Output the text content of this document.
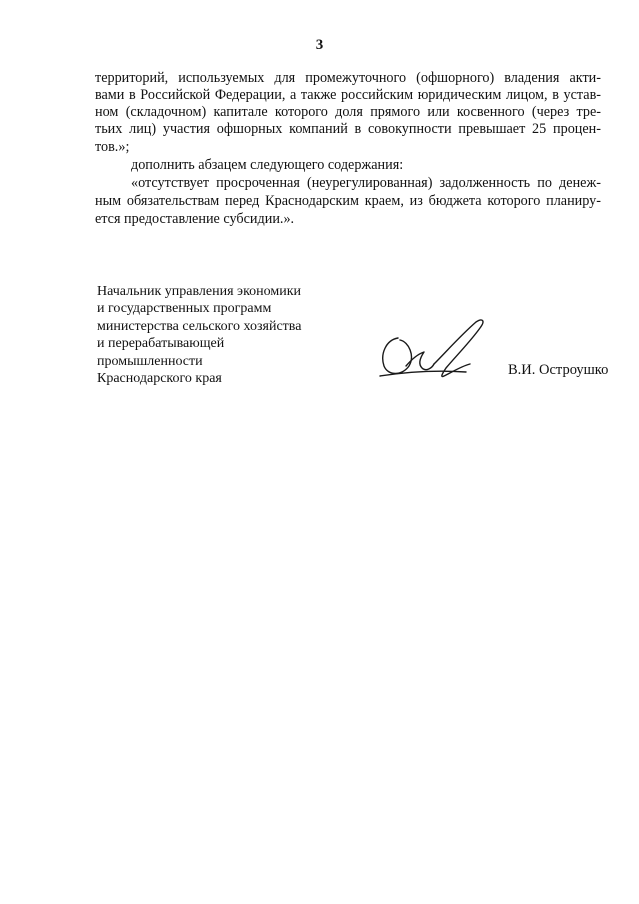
3
территорий, используемых для промежуточного (офшорного) владения акти-
вами в Российской Федерации, а также российским юридическим лицом, в устав-
ном (складочном) капитале которого доля прямого или косвенного (через тре-
тьих лиц) участия офшорных компаний в совокупности превышает 25 процен-
тов.»;
дополнить абзацем следующего содержания:
«отсутствует просроченная (неурегулированная) задолженность по денеж-
ным обязательствам перед Краснодарским краем, из бюджета которого планиру-
ется предоставление субсидии.».
Начальник управления экономики
и государственных программ
министерства сельского хозяйства
и перерабатывающей
промышленности
Краснодарского края
В.И. Остроушко
